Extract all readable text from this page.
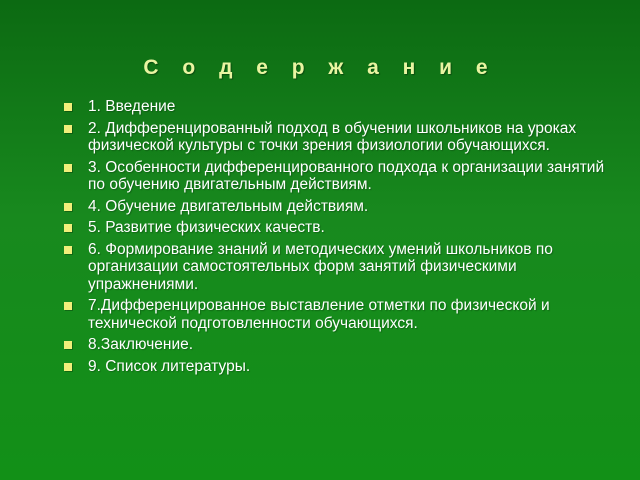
С о д е р ж а н и е
1. Введение
2. Дифференцированный подход в обучении школьников на уроках физической культуры с точки зрения физиологии обучающихся.
3. Особенности дифференцированного подхода к организации занятий по обучению двигательным действиям.
4. Обучение двигательным действиям.
5. Развитие физических качеств.
6. Формирование знаний и методических умений школьников по организации самостоятельных форм занятий физическими упражнениями.
7.Дифференцированное выставление отметки по физической и технической подготовленности обучающихся.
8.Заключение.
9. Список литературы.
